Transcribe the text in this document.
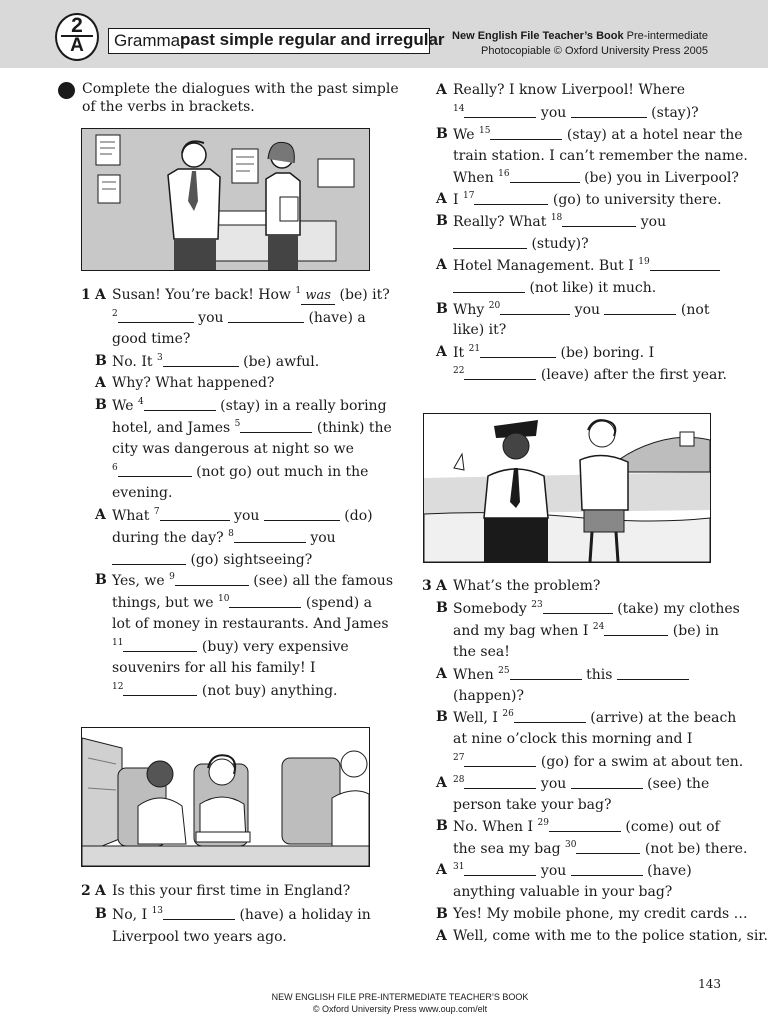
2
A	Grammar
past simple regular and irregular New English File Teacher’s Book Pre-intermediate
Photocopiable © Oxford University Press 2005
Complete the dialogues with the past simple
of the verbs in brackets.
1 A Susan! You’re back! How $^1$ was (be) it?
$^2$	you	(have) a
good time?
B No. It $^3$	(be) awful.
A Why? What happened?
B We $^4$	(stay) in a really boring
hotel, and James $^5$	(think) the
city was dangerous at night so we
$^6$	(not go) out much in the
evening.
A What $^7$	you	(do)
during the day? $^8$	you
(go) sightseeing?
B Yes, we $^9$	(see) all the famous
things, but we $^{10}$	(spend) a
lot of money in restaurants. And James
$^{11}$	(buy) very expensive
souvenirs for all his family! I
$^{12}$	(not buy) anything.
2 A Is this your first time in England?
B No, I $^{13}$	(have) a holiday in
Liverpool two years ago.
A Really? I know Liverpool! Where
$^{14}$	you	(stay)?
B We $^{15}$	(stay) at a hotel near the
train station. I can’t remember the name.
When $^{16}$	(be) you in Liverpool?
A I $^{17}$	(go) to university there.
B Really? What $^{18}$	you
(study)?
A Hotel Management. But I $^{19}$
(not like) it much.
B Why $^{20}$	you	(not
like) it?
A It $^{21}$	(be) boring. I
$^{22}$	(leave) after the first year.
3 A What’s the problem?
B Somebody $^{23}$	(take) my clothes
and my bag when I $^{24}$	(be) in
the sea!
A When $^{25}$	this
(happen)?
B Well, I $^{26}$	(arrive) at the beach
at nine o’clock this morning and I
$^{27}$	(go) for a swim at about ten.
A $^{28}$	you	(see) the
person take your bag?
B No. When I $^{29}$	(come) out of
the sea my bag $^{30}$	(not be) there.
A $^{31}$	you	(have)
anything valuable in your bag?
B Yes! My mobile phone, my credit cards …
A Well, come with me to the police station, sir.
143
NEW ENGLISH FILE PRE-INTERMEDIATE TEACHER’S BOOK
© Oxford University Press www.oup.com/elt
